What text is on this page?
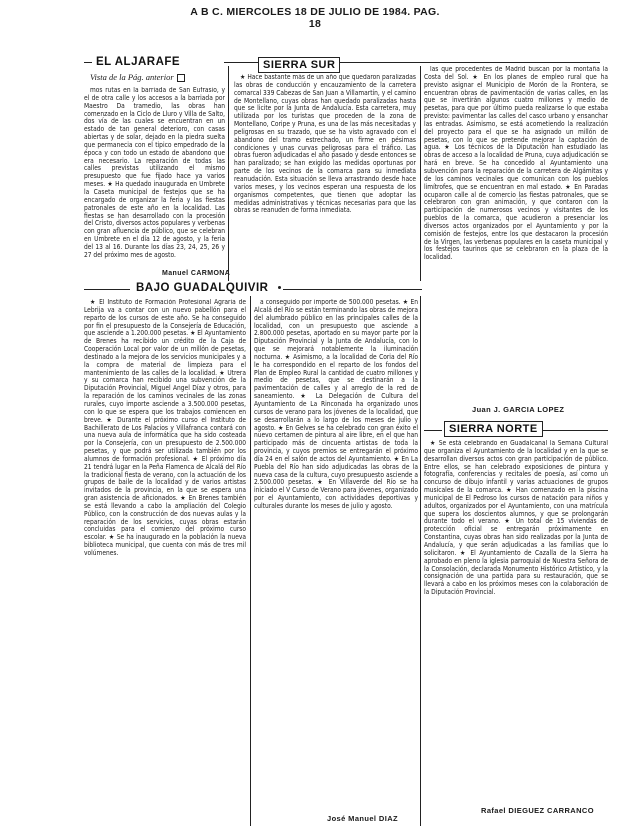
A B C. MIERCOLES 18 DE JULIO DE 1984. PAG. 18
EL ALJARAFE
Vista de la Pág. anterior

mos rutas en la barriada de San Eufrasio, y el de otra calle y los accesos a la barriada por Maestro Da tramedio, las obras han comenzado en la Ciclo de Lluro y Villa de Salto, dos vía de las cuales se encuentran en un estado de tan general deterioro, con casas abiertas y de solar, dejado en la piedra suelta que permanecia con el tipico empedrado de la época y con todo un estado de abandono que era necesario. La reparación de todas las calles previstas utilizando el mismo presupuesto que fue fijado hace ya varios meses. ★ Ha quedado inaugurada en Umbrete la Caseta municipal de festejos que se ha encargado de organizar la feria y las fiestas patronales de este año en la localidad. Las fiestas se han desarrollado con la procesión del Cristo, diversos actos populares y verbenas con gran afluencia de público, que se celebran en Umbrete en el día 12 de agosto, y la feria del 13 al 16. Durante los días 23, 24, 25, 26 y 27 del próximo mes de agosto.

Manuel CARMONA
SIERRA SUR

★ Hace bastante más de un año que quedaron paralizadas las obras de conducción y encauzamiento de la carretera comarcal 339 Cabezas de San Juan a Villamartín, y el camino de Montellano, cuyas obras han quedado paralizadas hasta que se licite por la Junta de Andalucía. Esta carretera, muy utilizada por los turistas que proceden de la zona de Montellano, Coripe y Pruna, es una de las más necesitadas y peligrosas en su trazado, que se ha visto agravado con el abandono del tramo estrechado, un firme en pésimas condiciones y unas curvas peligrosas para el tráfico. Las obras fueron adjudicadas el año pasado y desde entonces se han paralizado; se han exigido las medidas oportunas por parte de los vecinos de la comarca para su inmediata reanudación. Esta situación se lleva arrastrando desde hace varios meses, y los vecinos esperan una respuesta de los organismos competentes, que tienen que adoptar las medidas administrativas y técnicas necesarias para que las obras se reanuden de forma inmediata.

las que procedentes de Madrid buscan por la montaña la Costa del Sol. ★ En los planes de empleo rural que ha previsto asignar el Municipio de Morón de la Frontera, se encuentran obras de pavimentación de varias calles, en las que se invertirán algunos cuatro millones y medio de pesetas, para que por último pueda realizarse lo que estaba previsto: pavimentar las calles del casco urbano y ensanchar las entradas. Asimismo, se está acometiendo la realización del proyecto para el que se ha asignado un millón de pesetas, con lo que se pretende mejorar la captación de agua. ★ Los técnicos de la Diputación han estudiado las obras de acceso a la localidad de Pruna, cuya adjudicación se hará en breve. Se ha concedido al Ayuntamiento una subvención para la reparación de la carretera de Algámitas y de los caminos vecinales que comunican con los pueblos limítrofes, que se encuentran en mal estado. ★ En Paradas ocuparon calle al de comercio las fiestas patronales, que se celebraron con gran animación, y que contaron con la participación de numerosos vecinos y visitantes de los pueblos de la comarca, que acudieron a presenciar los diversos actos organizados por el Ayuntamiento y por la comisión de festejos, entre los que destacaron la procesión de la Virgen, las verbenas populares en la caseta municipal y los festejos taurinos que se celebraron en la plaza de la localidad.

Juan J. GARCIA LOPEZ
BAJO GUADALQUIVIR

★ El Instituto de Formación Profesional Agraria de Lebrija va a contar con un nuevo pabellón para el reparto de los cursos de este año. Se ha conseguido por fin el presupuesto de la Consejería de Educación, que asciende a 1.200.000 pesetas. ★ El Ayuntamiento de Brenes ha recibido un crédito de la Caja de Cooperación Local por valor de un millón de pesetas, destinado a la mejora de los servicios municipales y a la compra de material de limpieza para el mantenimiento de las calles de la localidad. ★ Utrera y su comarca han recibido una subvención de la Diputación Provincial, Miguel Angel Díaz y otros, para la reparación de los caminos vecinales de las zonas rurales, cuyo importe asciende a 3.500.000 pesetas, con lo que se espera que los trabajos comiencen en breve. ★ Durante el próximo curso el Instituto de Bachillerato de Los Palacios y Villafranca contará con una nueva aula de informática que ha sido costeada por la Consejería, con un presupuesto de 2.500.000 pesetas, y que podrá ser utilizada también por los alumnos de formación profesional. ★ El próximo día 21 tendrá lugar en la Peña Flamenca de Alcalá del Río la tradicional fiesta de verano, con la actuación de los grupos de baile de la localidad y de varios artistas invitados de la provincia, en la que se espera una gran asistencia de aficionados. ★ En Brenes también se está llevando a cabo la ampliación del Colegio Público, con la construcción de dos nuevas aulas y la reparación de los servicios, cuyas obras estarán concluidas para el comienzo del próximo curso escolar. ★ Se ha inaugurado en la población la nueva biblioteca municipal, que cuenta con más de tres mil volúmenes.

a conseguido por importe de 500.000 pesetas. ★ En Alcalá del Río se están terminando las obras de mejora del alumbrado público en las principales calles de la localidad, con un presupuesto que asciende a 2.800.000 pesetas, aportado en su mayor parte por la Diputación Provincial y la Junta de Andalucía, con lo que se mejorará notablemente la iluminación nocturna. ★ Asimismo, a la localidad de Coria del Río le ha correspondido en el reparto de los fondos del Plan de Empleo Rural la cantidad de cuatro millones y medio de pesetas, que se destinarán a la pavimentación de calles y al arreglo de la red de saneamiento. ★ La Delegación de Cultura del Ayuntamiento de La Rinconada ha organizado unos cursos de verano para los jóvenes de la localidad, que se desarrollarán a lo largo de los meses de julio y agosto. ★ En Gelves se ha celebrado con gran éxito el nuevo certamen de pintura al aire libre, en el que han participado más de cincuenta artistas de toda la provincia, y cuyos premios se entregarán el próximo día 24 en el salón de actos del Ayuntamiento. ★ En La Puebla del Río han sido adjudicadas las obras de la nueva casa de la cultura, cuyo presupuesto asciende a 2.500.000 pesetas. ★ En Villaverde del Río se ha iniciado el V Curso de Verano para jóvenes, organizado por el Ayuntamiento, con actividades deportivas y culturales durante los meses de julio y agosto.

José Manuel DIAZ
SIERRA NORTE

★ Se está celebrando en Guadalcanal la Semana Cultural que organiza el Ayuntamiento de la localidad y en la que se desarrollan diversos actos con gran participación de público. Entre ellos, se han celebrado exposiciones de pintura y fotografía, conferencias y recitales de poesía, así como un concurso de dibujo infantil y varias actuaciones de grupos musicales de la comarca. ★ Han comenzado en la piscina municipal de El Pedroso los cursos de natación para niños y adultos, organizados por el Ayuntamiento, con una matrícula que supera los doscientos alumnos, y que se prolongarán durante todo el verano. ★ Un total de 15 viviendas de protección oficial se entregarán próximamente en Constantina, cuyas obras han sido realizadas por la Junta de Andalucía, y que serán adjudicadas a las familias que lo solicitaron. ★ El Ayuntamiento de Cazalla de la Sierra ha aprobado en pleno la iglesia parroquial de Nuestra Señora de la Consolación, declarada Monumento Histórico Artístico, y la consignación de una partida para su restauración, que se llevará a cabo en los próximos meses con la colaboración de la Diputación Provincial.

Rafael DIEGUEZ CARRANCO
